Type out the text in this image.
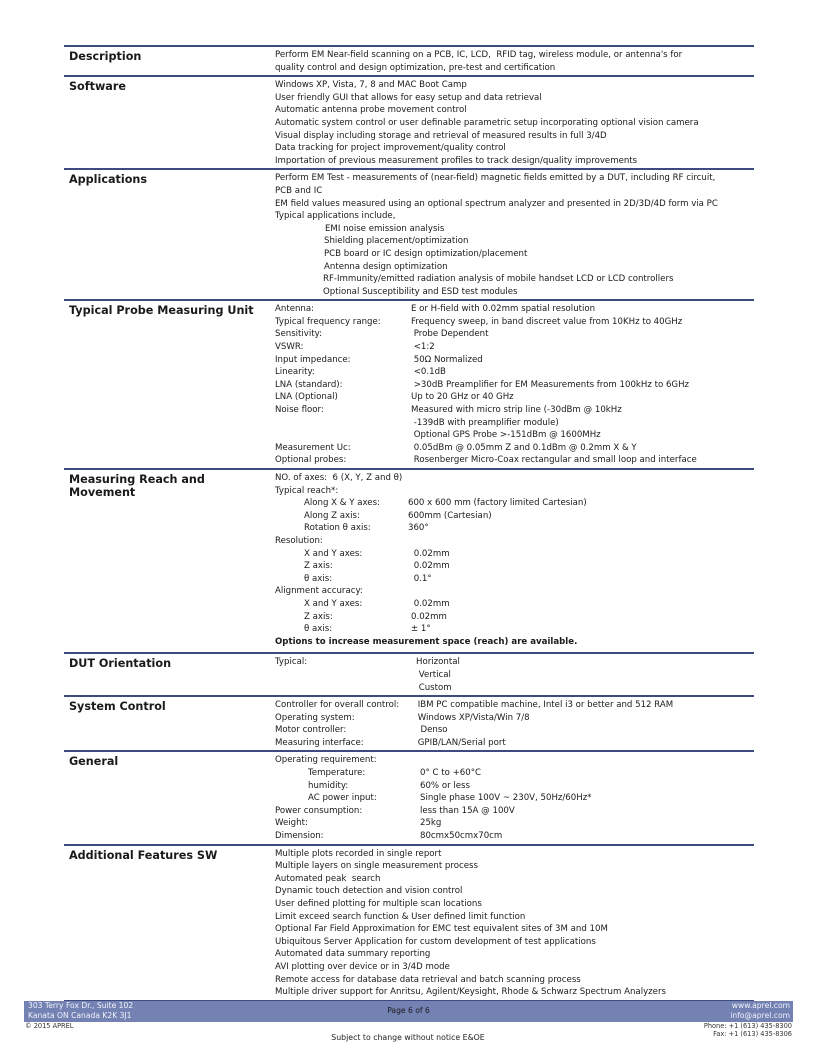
Description	Perform EM Near-field scanning on a PCB, IC, LCD,  RFID tag, wireless module, or antenna's for
quality control and design optimization, pre-test and certification
Software	Windows XP, Vista, 7, 8 and MAC Boot Camp
User friendly GUI that allows for easy setup and data retrieval
Automatic antenna probe movement control
Automatic system control or user definable parametric setup incorporating optional vision camera
Visual display including storage and retrieval of measured results in full 3/4D
Data tracking for project improvement/quality control
Importation of previous measurement profiles to track design/quality improvements
Applications	Perform EM Test - measurements of (near-field) magnetic fields emitted by a DUT, including RF circuit,
PCB and IC
EM field values measured using an optional spectrum analyzer and presented in 2D/3D/4D form via PC
Typical applications include,
EMI noise emission analysis
Shielding placement/optimization
PCB board or IC design optimization/placement
Antenna design optimization
RF-Immunity/emitted radiation analysis of mobile handset LCD or LCD controllers
Optional Susceptibility and ESD test modules
Typical Probe Measuring Unit	Antenna:	E or H-field with 0.02mm spatial resolution
Typical frequency range:	Frequency sweep, in band discreet value from 10KHz to 40GHz
Sensitivity:	Probe Dependent
VSWR:	<1:2
Input impedance:	50Ω Normalized
Linearity:	<0.1dB
LNA (standard):	>30dB Preamplifier for EM Measurements from 100kHz to 6GHz
LNA (Optional)	Up to 20 GHz or 40 GHz
Noise floor:	Measured with micro strip line (-30dBm @ 10kHz
-139dB with preamplifier module)
Optional GPS Probe >-151dBm @ 1600MHz
Measurement Uc:	0.05dBm @ 0.05mm Z and 0.1dBm @ 0.2mm X & Y
Optional probes:	Rosenberger Micro-Coax rectangular and small loop and interface
Measuring Reach and
Movement
NO. of axes:  6 (X, Y, Z and θ)
Typical reach*:
Along X & Y axes:	600 x 600 mm (factory limited Cartesian)
Along Z axis:	600mm (Cartesian)
Rotation θ axis:	360°
Resolution:
X and Y axes:	0.02mm
Z axis:	0.02mm
θ axis:	0.1°
Alignment accuracy:
X and Y axes:	0.02mm
Z axis:	0.02mm
θ axis:	± 1°
Options to increase measurement space (reach) are available.
DUT Orientation	Typical:	Horizontal
Vertical
Custom
System Control	Controller for overall control:	IBM PC compatible machine, Intel i3 or better and 512 RAM
Operating system:	Windows XP/Vista/Win 7/8
Motor controller:	Denso
Measuring interface:	GPIB/LAN/Serial port
General	Operating requirement:
Temperature:	0° C to +60°C
humidity:	60% or less
AC power input:	Single phase 100V ~ 230V, 50Hz/60Hz*
Power consumption:	less than 15A @ 100V
Weight:	25kg
Dimension:	80cmx50cmx70cm
Additional Features SW	Multiple plots recorded in single report
Multiple layers on single measurement process
Automated peak  search
Dynamic touch detection and vision control
User defined plotting for multiple scan locations
Limit exceed search function & User defined limit function
Optional Far Field Approximation for EMC test equivalent sites of 3M and 10M
Ubiquitous Server Application for custom development of test applications
Automated data summary reporting
AVI plotting over device or in 3/4D mode
Remote access for database data retrieval and batch scanning process
Multiple driver support for Anritsu, Agilent/Keysight, Rhode & Schwarz Spectrum Analyzers
303 Terry Fox Dr., Suite 102
Kanata ON Canada K2K 3J1
Page 6 of 6
www.aprel.com
info@aprel.com
© 2015 APREL	Phone: +1 (613) 435-8300
Fax: +1 (613) 435-8306
Subject to change without notice E&OE
